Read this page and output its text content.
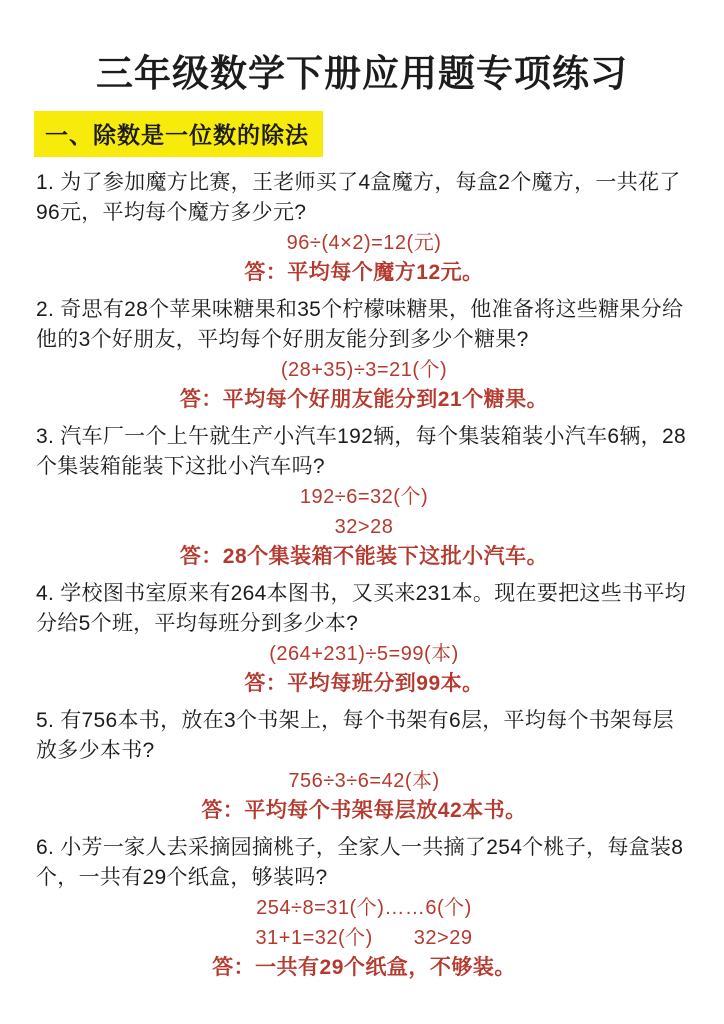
三年级数学下册应用题专项练习
一、除数是一位数的除法

1. 为了参加魔方比赛，王老师买了4盒魔方，每盒2个魔方，一共花了96元，平均每个魔方多少元?

96÷(4×2)=12(元)

答：平均每个魔方12元。

2. 奇思有28个苹果味糖果和35个柠檬味糖果，他准备将这些糖果分给他的3个好朋友，平均每个好朋友能分到多少个糖果?

(28+35)÷3=21(个)

答：平均每个好朋友能分到21个糖果。

3. 汽车厂一个上午就生产小汽车192辆，每个集装箱装小汽车6辆，28个集装箱能装下这批小汽车吗?

192÷6=32(个)

32>28

答：28个集装箱不能装下这批小汽车。

4. 学校图书室原来有264本图书，又买来231本。现在要把这些书平均分给5个班，平均每班分到多少本?

(264+231)÷5=99(本)

答：平均每班分到99本。

5. 有756本书，放在3个书架上，每个书架有6层，平均每个书架每层放多少本书?

756÷3÷6=42(本)

答：平均每个书架每层放42本书。

6. 小芳一家人去采摘园摘桃子，全家人一共摘了254个桃子，每盒装8个，一共有29个纸盒，够装吗?

254÷8=31(个)……6(个)

31+1=32(个)　　32>29

答：一共有29个纸盒，不够装。
